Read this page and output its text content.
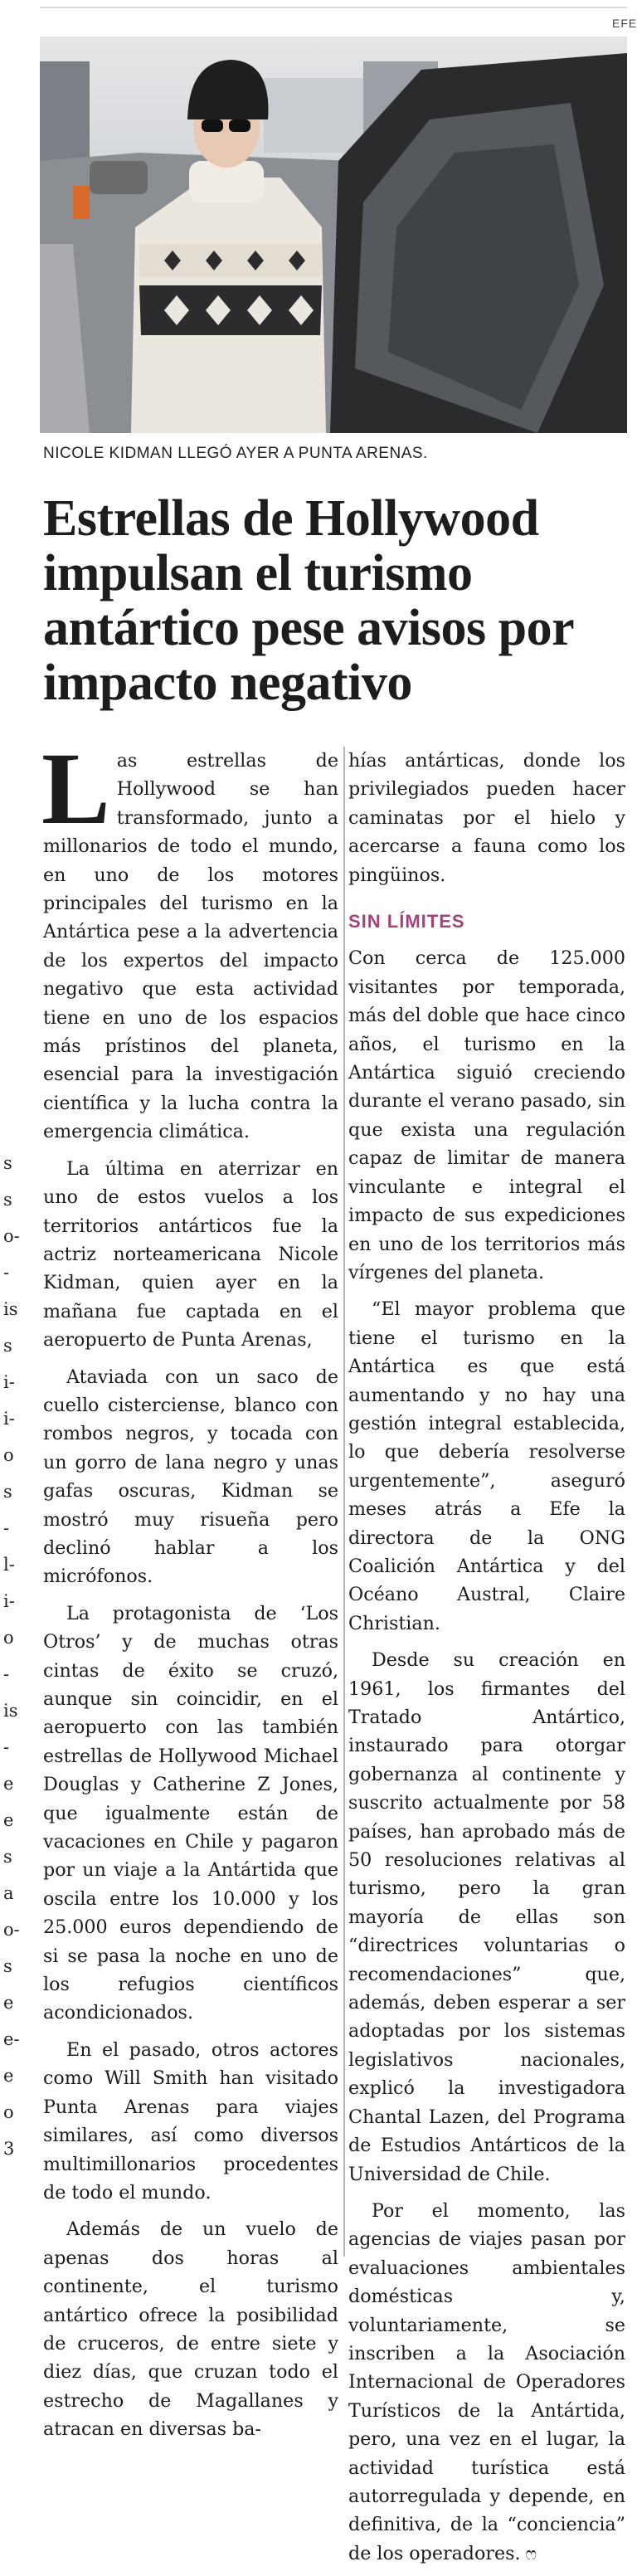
s
s
o-
-
is
s
i-
i-
o
s
-
l-
i-
o
-
is
-
e
e
s
a
o-
s
e
e-
e
o
3
EFE
NICOLE KIDMAN LLEGÓ AYER A PUNTA ARENAS.
Estrellas de Hollywood impulsan el turismo antártico pese avisos por impacto negativo

Las estrellas de Hollywood se han transformado, junto a millonarios de todo el mundo, en uno de los motores principales del turismo en la Antártica pese a la advertencia de los expertos del impacto negativo que esta actividad tiene en uno de los espacios más prístinos del planeta, esencial para la investigación científica y la lucha contra la emergencia climática.

La última en aterrizar en uno de estos vuelos a los territorios antárticos fue la actriz norteamericana Nicole Kidman, quien ayer en la mañana fue captada en el aeropuerto de Punta Arenas,

Ataviada con un saco de cuello cisterciense, blanco con rombos negros, y tocada con un gorro de lana negro y unas gafas oscuras, Kidman se mostró muy risueña pero declinó hablar a los micrófonos.

La protagonista de ‘Los Otros’ y de muchas otras cintas de éxito se cruzó, aunque sin coincidir, en el aeropuerto con las también estrellas de Hollywood Michael Douglas y Catherine Z Jones, que igualmente están de vacaciones en Chile y pagaron por un viaje a la Antártida que oscila entre los 10.000 y los 25.000 euros dependiendo de si se pasa la noche en uno de los refugios científicos acondicionados.

En el pasado, otros actores como Will Smith han visitado Punta Arenas para viajes similares, así como diversos multimillonarios procedentes de todo el mundo.

Además de un vuelo de apenas dos horas al continente, el turismo antártico ofrece la posibilidad de cruceros, de entre siete y diez días, que cruzan todo el estrecho de Magallanes y atracan en diversas ba-

hías antárticas, donde los privilegiados pueden hacer caminatas por el hielo y acercarse a fauna como los pingüinos.

SIN LÍMITES

Con cerca de 125.000 visitantes por temporada, más del doble que hace cinco años, el turismo en la Antártica siguió creciendo durante el verano pasado, sin que exista una regulación capaz de limitar de manera vinculante e integral el impacto de sus expediciones en uno de los territorios más vírgenes del planeta.

“El mayor problema que tiene el turismo en la Antártica es que está aumentando y no hay una gestión integral establecida, lo que debería resolverse urgentemente”, aseguró meses atrás a Efe la directora de la ONG Coalición Antártica y del Océano Austral, Claire Christian.

Desde su creación en 1961, los firmantes del Tratado Antártico, instaurado para otorgar gobernanza al continente y suscrito actualmente por 58 países, han aprobado más de 50 resoluciones relativas al turismo, pero la gran mayoría de ellas son “directrices voluntarias o recomendaciones” que, además, deben esperar a ser adoptadas por los sistemas legislativos nacionales, explicó la investigadora Chantal Lazen, del Programa de Estudios Antárticos de la Universidad de Chile.

Por el momento, las agencias de viajes pasan por evaluaciones ambientales domésticas y, voluntariamente, se inscriben a la Asociación Internacional de Operadores Turísticos de la Antártida, pero, una vez en el lugar, la actividad turística está autorregulada y depende, en definitiva, de la “conciencia” de los operadores. ෆ
